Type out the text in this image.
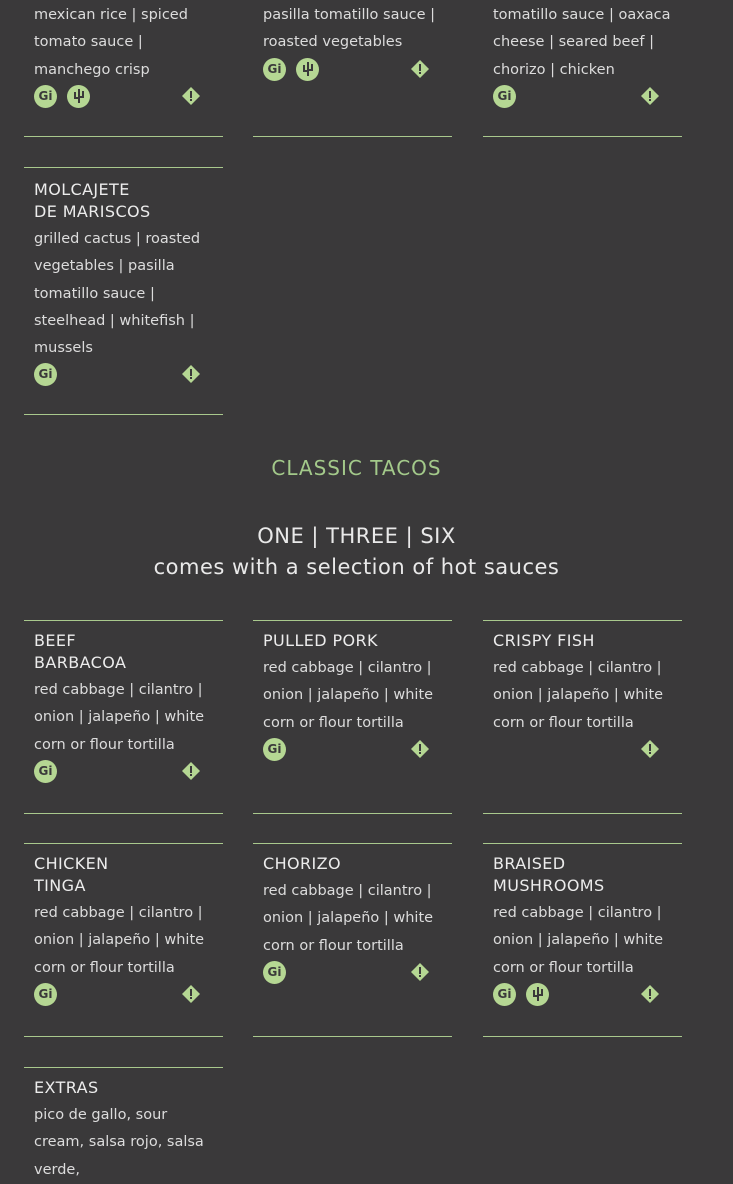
mexican rice | spiced tomato sauce | manchego crisp
Gi
pasilla tomatillo sauce | roasted vegetables
Gi
tomatillo sauce | oaxaca cheese | seared beef | chorizo | chicken
Gi
MOLCAJETE
DE MARISCOS
grilled cactus | roasted vegetables | pasilla tomatillo sauce | steelhead | whitefish | mussels
Gi
CLASSIC TACOS
ONE | THREE | SIX
comes with a selection of hot sauces
BEEF
BARBACOA
red cabbage | cilantro | onion | jalapeño | white corn or flour tortilla
Gi
PULLED PORK
red cabbage | cilantro | onion | jalapeño | white corn or flour tortilla
Gi
CRISPY FISH
red cabbage | cilantro | onion | jalapeño | white corn or flour tortilla
CHICKEN
TINGA
red cabbage | cilantro | onion | jalapeño | white corn or flour tortilla
Gi
CHORIZO
red cabbage | cilantro | onion | jalapeño | white corn or flour tortilla
Gi
BRAISED
MUSHROOMS
red cabbage | cilantro | onion | jalapeño | white corn or flour tortilla
Gi
EXTRAS
pico de gallo, sour cream, salsa rojo, salsa verde,
